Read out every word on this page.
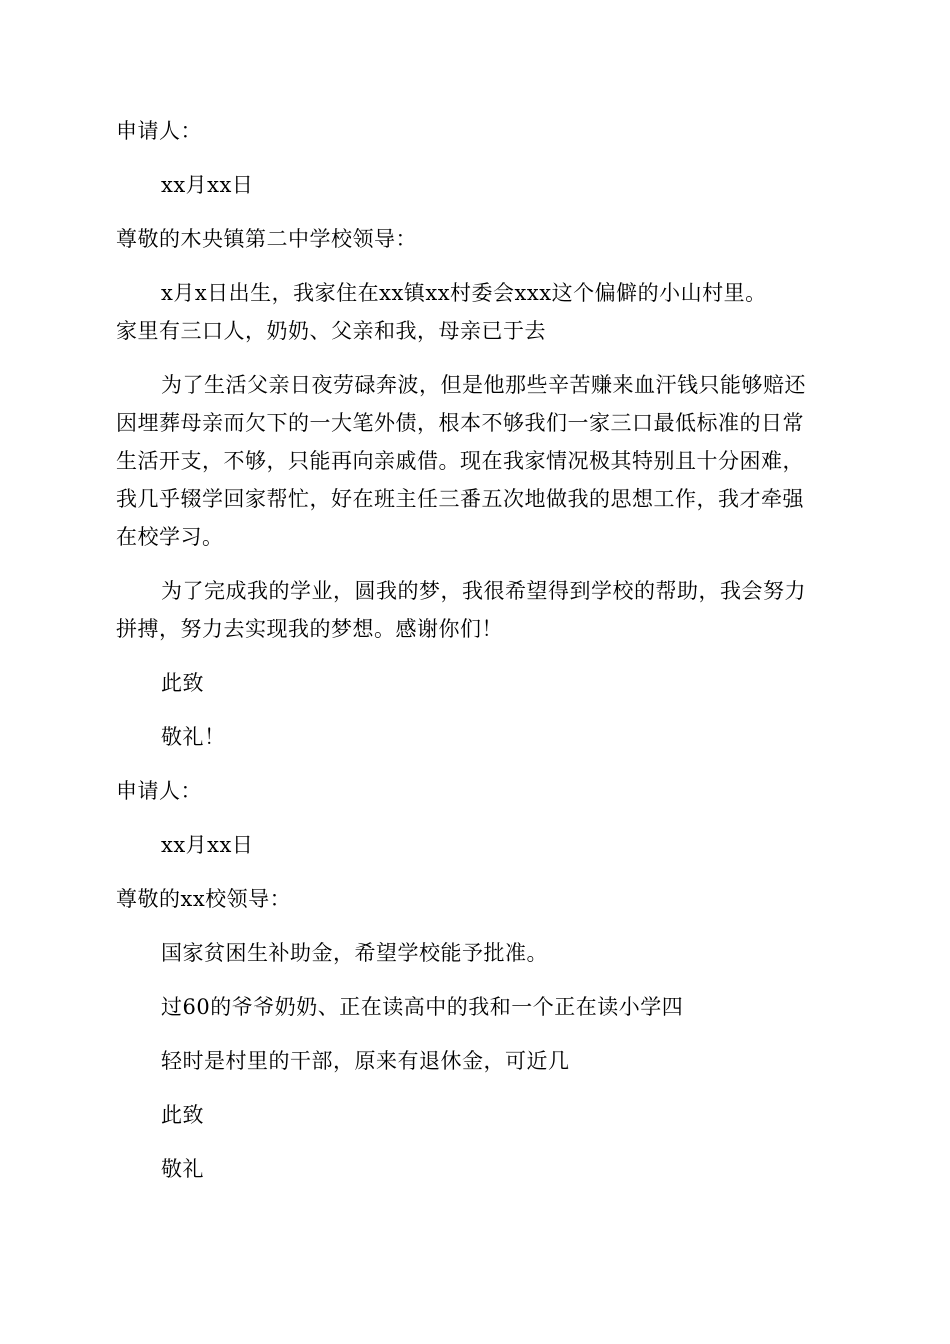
申请人：
xx月xx日
尊敬的木央镇第二中学校领导：
x月x日出生，我家住在xx镇xx村委会xxx这个偏僻的小山村里。
家里有三口人，奶奶、父亲和我，母亲已于去
为了生活父亲日夜劳碌奔波，但是他那些辛苦赚来血汗钱只能够赔还
因埋葬母亲而欠下的一大笔外债，根本不够我们一家三口最低标准的日常
生活开支，不够，只能再向亲戚借。现在我家情况极其特别且十分困难，
我几乎辍学回家帮忙，好在班主任三番五次地做我的思想工作，我才牵强
在校学习。
为了完成我的学业，圆我的梦，我很希望得到学校的帮助，我会努力
拼搏，努力去实现我的梦想。感谢你们！
此致
敬礼！
申请人：
xx月xx日
尊敬的xx校领导：
国家贫困生补助金，希望学校能予批准。
过60的爷爷奶奶、正在读高中的我和一个正在读小学四
轻时是村里的干部，原来有退休金，可近几
此致
敬礼
